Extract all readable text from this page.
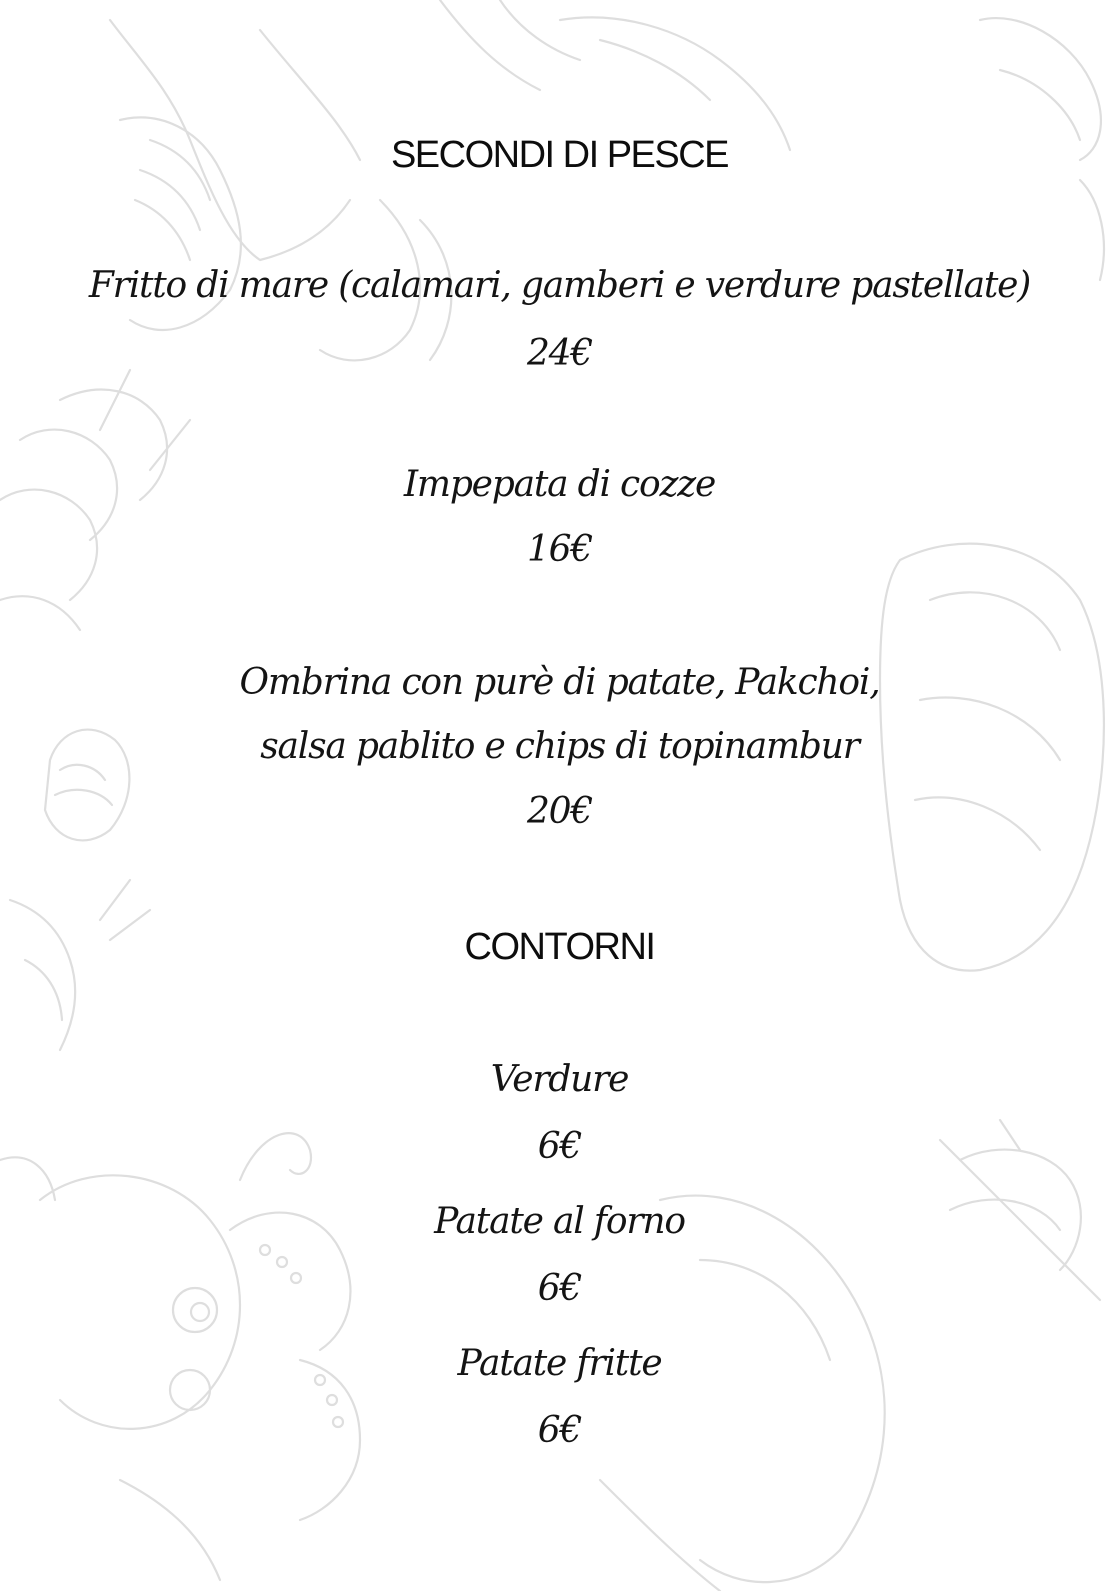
SECONDI DI PESCE
Fritto di mare (calamari, gamberi e verdure pastellate)
24€
Impepata di cozze
16€
Ombrina con purè di patate, Pakchoi,
salsa pablito e chips di topinambur
20€
CONTORNI
Verdure
6€
Patate al forno
6€
Patate fritte
6€
